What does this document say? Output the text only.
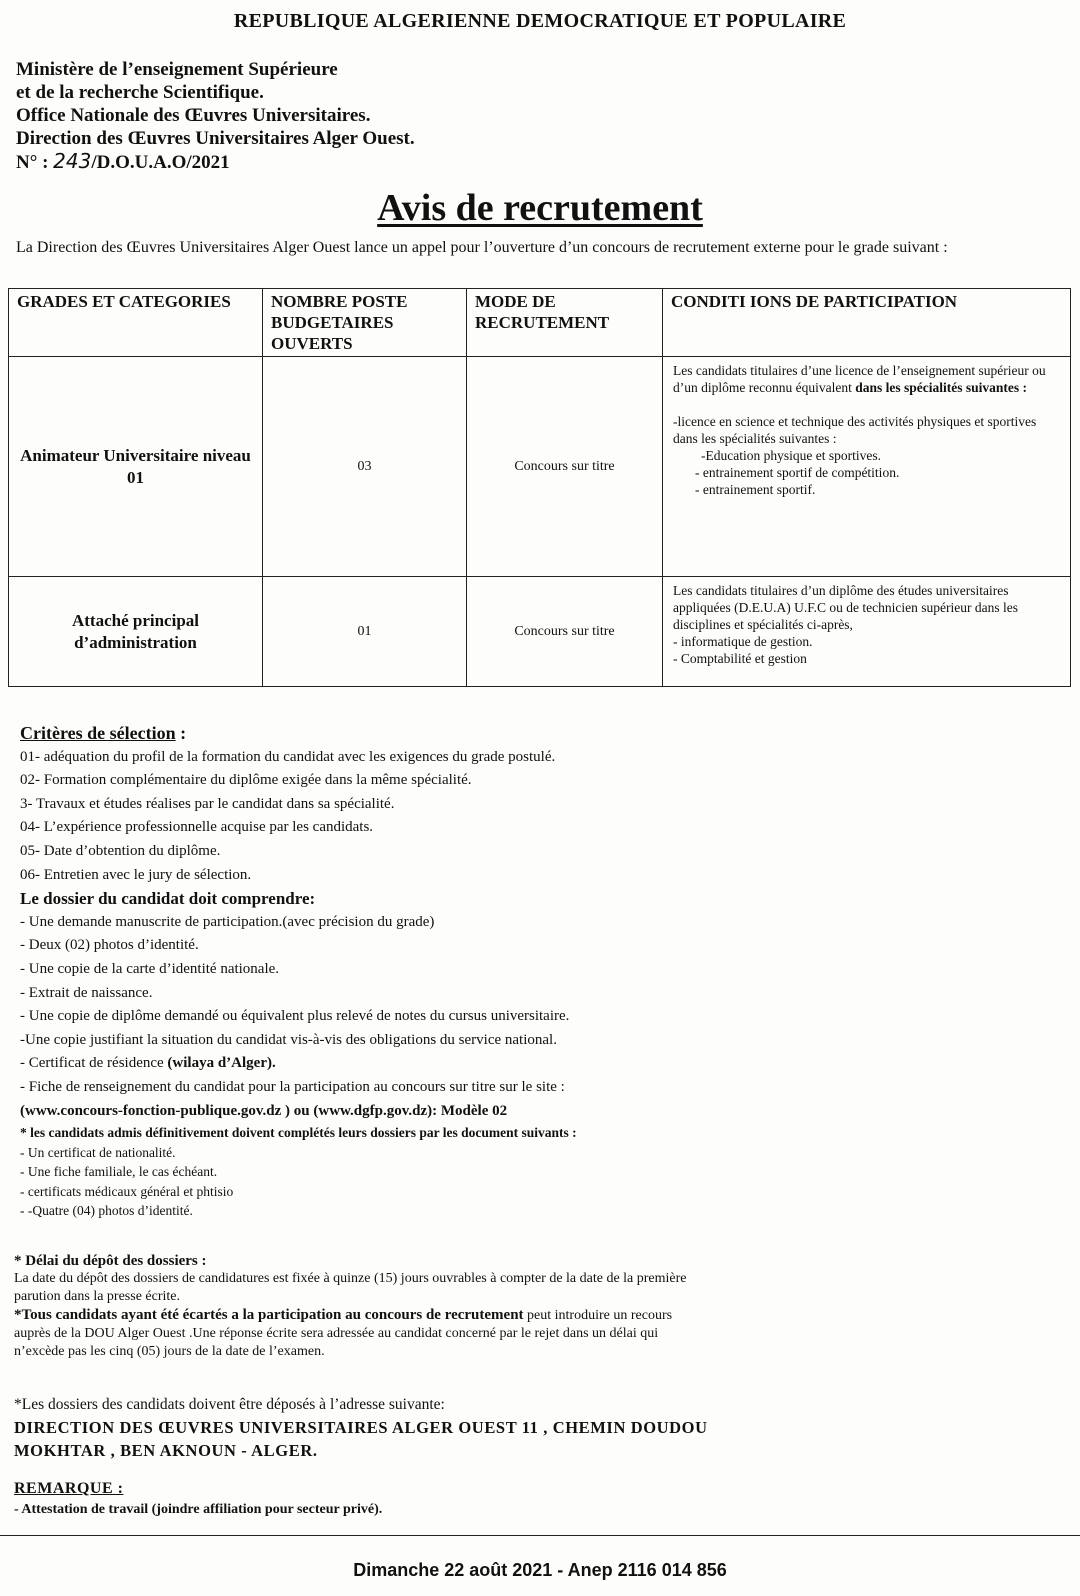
REPUBLIQUE ALGERIENNE DEMOCRATIQUE ET POPULAIRE
Ministère de l’enseignement Supérieure
et de la recherche Scientifique.
Office Nationale des Œuvres Universitaires.
Direction des Œuvres Universitaires Alger Ouest.
N° : 243/D.O.U.A.O/2021
Avis de recrutement
La Direction des Œuvres Universitaires Alger Ouest lance un appel pour l’ouverture d’un concours de recrutement externe pour le grade suivant :
GRADES ET CATEGORIES	NOMBRE POSTE BUDGETAIRES OUVERTS	MODE DE RECRUTEMENT	CONDITI IONS DE PARTICIPATION
Animateur Universitaire niveau 01	03	Concours sur titre	Les candidats titulaires d’une licence de l’enseignement supérieur ou d’un diplôme reconnu équivalent dans les spécialités suivantes :
-licence en science et technique des activités physiques et sportives dans les spécialités suivantes :
-Education physique et sportives.
- entrainement sportif de compétition.
- entrainement sportif.

Attaché principal d’administration	01	Concours sur titre	Les candidats titulaires d’un diplôme des études universitaires appliquées (D.E.U.A) U.F.C ou de technicien supérieur dans les disciplines et spécialités ci-après,
- informatique de gestion.
- Comptabilité et gestion
Critères de sélection :
01- adéquation du profil de la formation du candidat avec les exigences du grade postulé.
02- Formation complémentaire du diplôme exigée dans la même spécialité.
3- Travaux et études réalises par le candidat dans sa spécialité.
04- L’expérience professionnelle acquise par les candidats.
05- Date d’obtention du diplôme.
06- Entretien avec le jury de sélection.
Le dossier du candidat doit comprendre:
- Une demande manuscrite de participation.(avec précision du grade)
- Deux (02) photos d’identité.
- Une copie de la carte d’identité nationale.
- Extrait de naissance.
- Une copie de diplôme demandé ou équivalent plus relevé de notes du cursus universitaire.
-Une copie justifiant la situation du candidat vis-à-vis des obligations du service national.
- Certificat de résidence (wilaya d’Alger).
- Fiche de renseignement du candidat pour la participation au concours sur titre sur le site :
(www.concours-fonction-publique.gov.dz ) ou (www.dgfp.gov.dz): Modèle 02
* les candidats admis définitivement doivent complétés leurs dossiers par les document suivants :
- Un certificat de nationalité.
- Une fiche familiale, le cas échéant.
- certificats médicaux général et phtisio
- -Quatre (04) photos d’identité.
* Délai du dépôt des dossiers :
La date du dépôt des dossiers de candidatures est fixée à quinze (15) jours ouvrables à compter de la date de la première
parution dans la presse écrite.
*Tous candidats ayant été écartés a la participation au concours de recrutement peut introduire un recours
auprès de la DOU Alger Ouest .Une réponse écrite sera adressée au candidat concerné par le rejet dans un délai qui
n’excède pas les cinq (05) jours de la date de l’examen.
*Les dossiers des candidats doivent être déposés à l’adresse suivante:
DIRECTION DES ŒUVRES UNIVERSITAIRES ALGER OUEST 11 , CHEMIN DOUDOU
MOKHTAR , BEN AKNOUN - ALGER.
REMARQUE :
- Attestation de travail (joindre affiliation pour secteur privé).
Dimanche 22 août 2021 - Anep 2116 014 856
